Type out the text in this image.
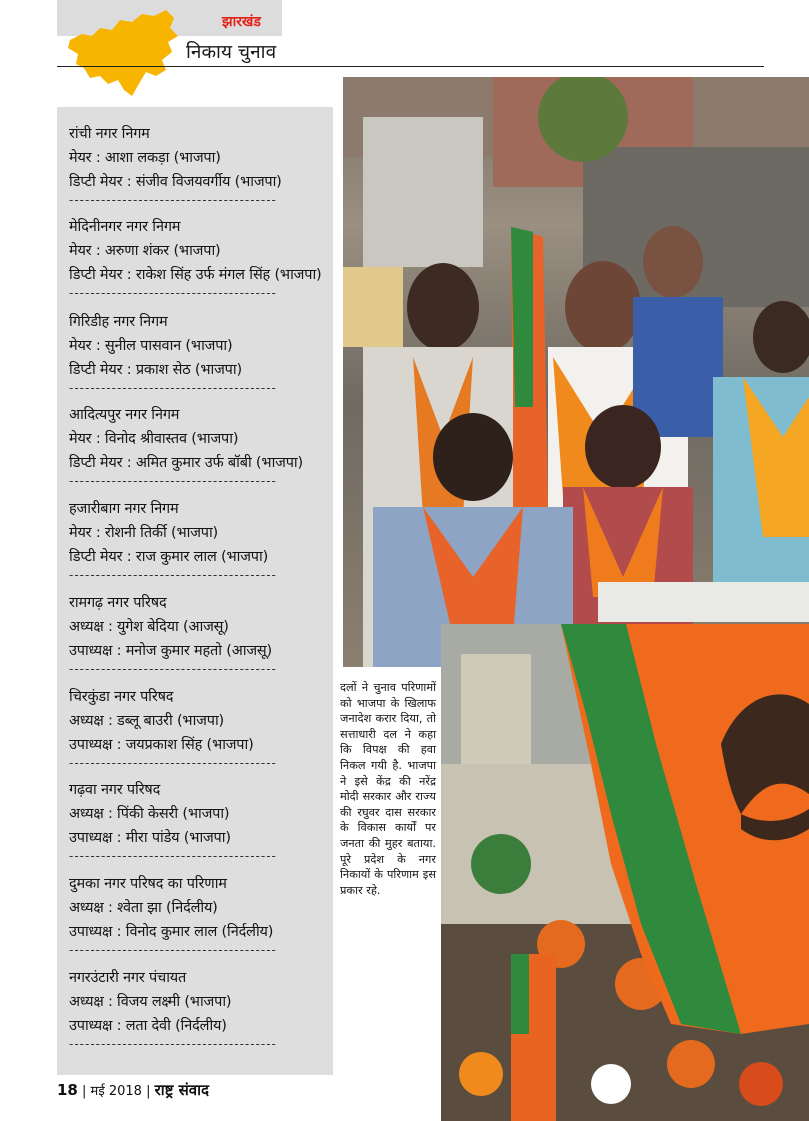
झारखंड
निकाय चुनाव
रांची नगर निगम
मेयर : आशा लकड़ा (भाजपा)
डिप्टी मेयर : संजीव विजयवर्गीय (भाजपा)
---------------------------------------
मेदिनीनगर नगर निगम
मेयर : अरुणा शंकर (भाजपा)
डिप्टी मेयर : राकेश सिंह उर्फ मंगल सिंह (भाजपा)
---------------------------------------
गिरिडीह नगर निगम
मेयर : सुनील पासवान (भाजपा)
डिप्टी मेयर : प्रकाश सेठ (भाजपा)
---------------------------------------
आदित्यपुर नगर निगम
मेयर : विनोद श्रीवास्तव (भाजपा)
डिप्टी मेयर : अमित कुमार उर्फ बॉबी (भाजपा)
---------------------------------------
हजारीबाग नगर निगम
मेयर : रोशनी तिर्की (भाजपा)
डिप्टी मेयर : राज कुमार लाल (भाजपा)
---------------------------------------
रामगढ़ नगर परिषद
अध्यक्ष : युगेश बेदिया (आजसू)
उपाध्यक्ष : मनोज कुमार महतो (आजसू)
---------------------------------------
चिरकुंडा नगर परिषद
अध्यक्ष : डब्लू बाउरी (भाजपा)
उपाध्यक्ष : जयप्रकाश सिंह (भाजपा)
---------------------------------------
गढ़वा नगर परिषद
अध्यक्ष : पिंकी केसरी (भाजपा)
उपाध्यक्ष : मीरा पांडेय (भाजपा)
---------------------------------------
दुमका नगर परिषद का परिणाम
अध्यक्ष : श्वेता झा (निर्दलीय)
उपाध्यक्ष : विनोद कुमार लाल (निर्दलीय)
---------------------------------------
नगरउंटारी नगर पंचायत
अध्यक्ष : विजय लक्ष्मी (भाजपा)
उपाध्यक्ष : लता देवी (निर्दलीय)
---------------------------------------
दलों ने चुनाव परिणामों को भाजपा के खिलाफ जनादेश करार दिया, तो सत्ताधारी दल ने कहा कि विपक्ष की हवा निकल गयी है. भाजपा ने इसे केंद्र की नरेंद्र मोदी सरकार और राज्य की रघुवर दास सरकार के विकास कार्यों पर जनता की मुहर बताया. पूरे प्रदेश के नगर निकायों के परिणाम इस प्रकार रहे.
18 | मई 2018 | राष्ट्र संवाद
